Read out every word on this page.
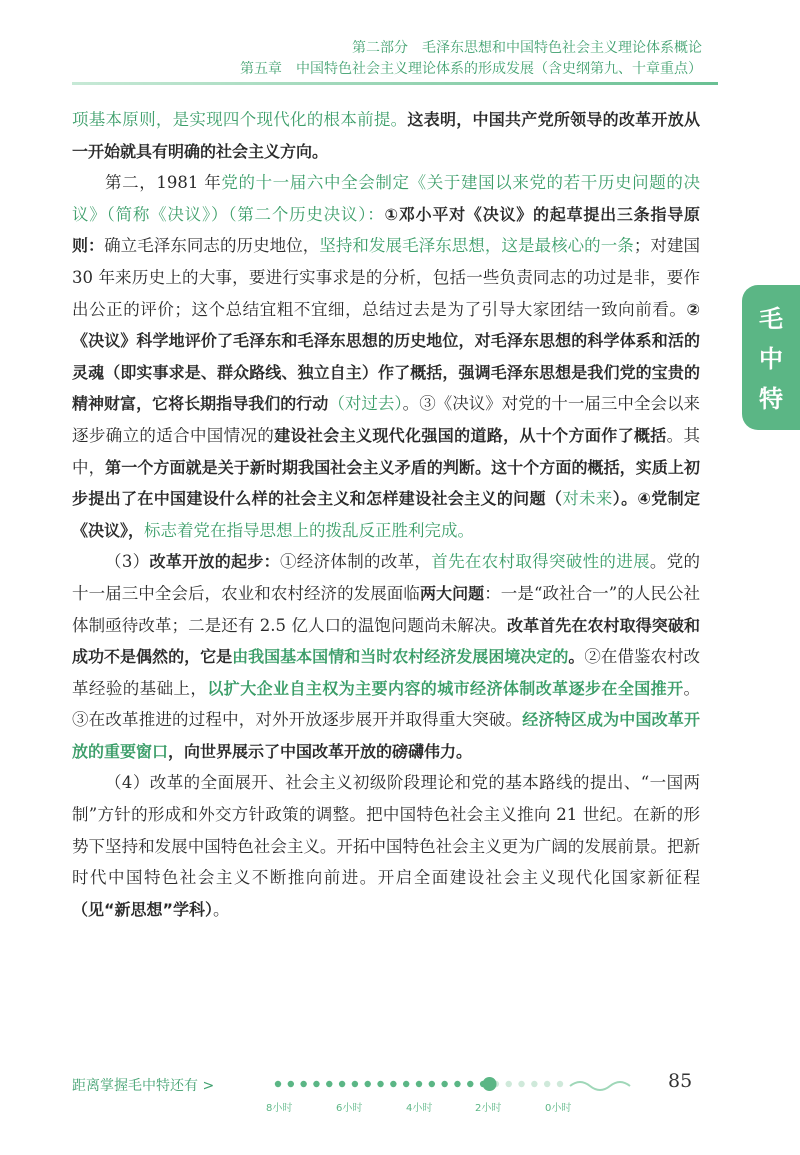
第二部分　毛泽东思想和中国特色社会主义理论体系概论
第五章　中国特色社会主义理论体系的形成发展（含史纲第九、十章重点）
毛
中
特

项基本原则，是实现四个现代化的根本前提。这表明，中国共产党所领导的改革开放从一开始就具有明确的社会主义方向。

第二，1981 年党的十一届六中全会制定《关于建国以来党的若干历史问题的决议》（简称《决议》）（第二个历史决议）：①邓小平对《决议》的起草提出三条指导原则：确立毛泽东同志的历史地位，坚持和发展毛泽东思想，这是最核心的一条；对建国 30 年来历史上的大事，要进行实事求是的分析，包括一些负责同志的功过是非，要作出公正的评价；这个总结宜粗不宜细，总结过去是为了引导大家团结一致向前看。②《决议》科学地评价了毛泽东和毛泽东思想的历史地位，对毛泽东思想的科学体系和活的灵魂（即实事求是、群众路线、独立自主）作了概括，强调毛泽东思想是我们党的宝贵的精神财富，它将长期指导我们的行动（对过去）。③《决议》对党的十一届三中全会以来逐步确立的适合中国情况的建设社会主义现代化强国的道路，从十个方面作了概括。其中，第一个方面就是关于新时期我国社会主义矛盾的判断。这十个方面的概括，实质上初步提出了在中国建设什么样的社会主义和怎样建设社会主义的问题（对未来）。④党制定《决议》，标志着党在指导思想上的拨乱反正胜利完成。

（3）改革开放的起步：①经济体制的改革，首先在农村取得突破性的进展。党的十一届三中全会后，农业和农村经济的发展面临两大问题：一是“政社合一”的人民公社体制亟待改革；二是还有 2.5 亿人口的温饱问题尚未解决。改革首先在农村取得突破和成功不是偶然的，它是由我国基本国情和当时农村经济发展困境决定的。②在借鉴农村改革经验的基础上，以扩大企业自主权为主要内容的城市经济体制改革逐步在全国推开。③在改革推进的过程中，对外开放逐步展开并取得重大突破。经济特区成为中国改革开放的重要窗口，向世界展示了中国改革开放的磅礴伟力。

（4）改革的全面展开、社会主义初级阶段理论和党的基本路线的提出、“一国两制”方针的形成和外交方针政策的调整。把中国特色社会主义推向 21 世纪。在新的形势下坚持和发展中国特色社会主义。开拓中国特色社会主义更为广阔的发展前景。把新时代中国特色社会主义不断推向前进。开启全面建设社会主义现代化国家新征程（见“新思想”学科）。

距离掌握毛中特还有 >
8小时	6小时	4小时	2小时	0小时
85
